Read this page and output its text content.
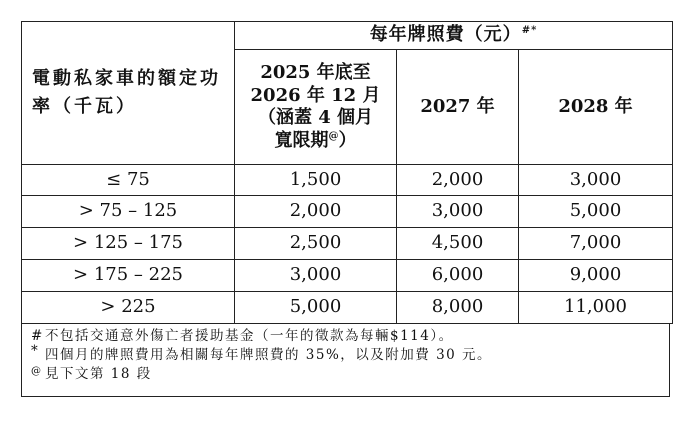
電動私家車的額定功率（千瓦）	每年牌照費（元）#*
	2025 年底至 2026 年 12 月（涵蓋 4 個月寬限期@）	2027 年	2028 年
≤ 75	1,500	2,000	3,000
> 75 – 125	2,000	3,000	5,000
> 125 – 175	2,500	4,500	7,000
> 175 – 225	3,000	6,000	9,000
> 225	5,000	8,000	11,000
#不包括交通意外傷亡者援助基金（一年的徵款為每輛$114）。
* 四個月的牌照費用為相關每年牌照費的 35%，以及附加費 30 元。
@ 見下文第 18 段
